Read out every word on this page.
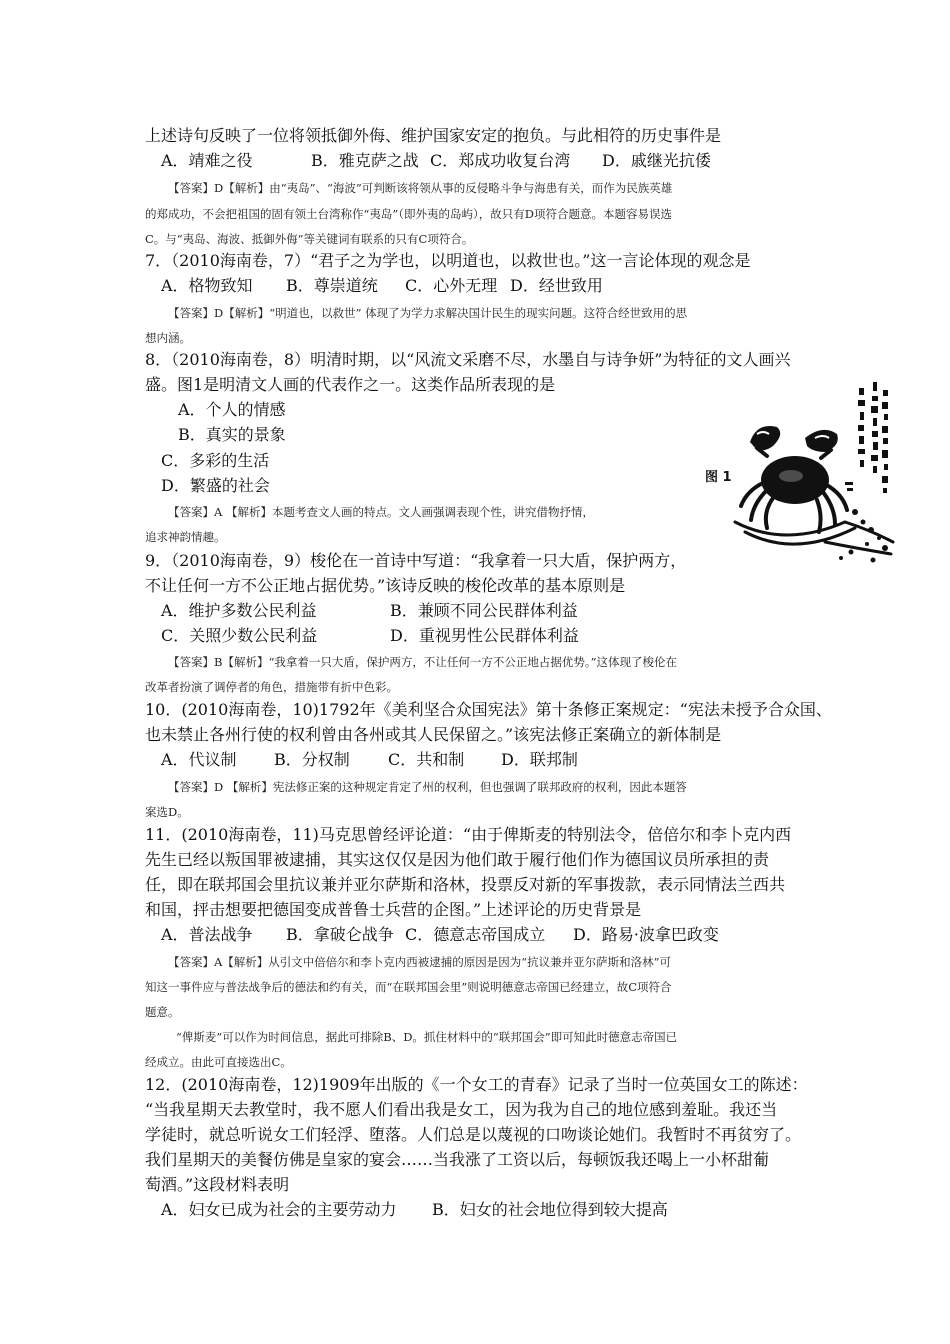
上述诗句反映了一位将领抵御外侮、维护国家安定的抱负。与此相符的历史事件是
A．靖难之役	B．雅克萨之战 C．郑成功收复台湾 D．戚继光抗倭
【答案】D【解析】由“夷岛”、“海波”可判断该将领从事的反侵略斗争与海患有关，而作为民族英雄
的郑成功，不会把祖国的固有领土台湾称作“夷岛”（即外夷的岛屿），故只有D项符合题意。本题容易误选
C。与“夷岛、海波、抵御外侮”等关键词有联系的只有C项符合。
7．（2010海南卷，7）“君子之为学也，以明道也，以救世也。”这一言论体现的观念是
A．格物致知 B．尊崇道统 C．心外无理 D．经世致用
【答案】D【解析】“明道也，以救世” 体现了为学力求解决国计民生的现实问题。这符合经世致用的思
想内涵。
8．（2010海南卷，8）明清时期，以“风流文采磨不尽，水墨自与诗争妍”为特征的文人画兴
盛。图1是明清文人画的代表作之一。这类作品所表现的是
A．个人的情感
B．真实的景象
C．多彩的生活
D．繁盛的社会
【答案】A 【解析】本题考查文人画的特点。文人画强调表现个性，讲究借物抒情，
追求神韵情趣。
图 1
9．（2010海南卷，9）梭伦在一首诗中写道：“我拿着一只大盾，保护两方，
不让任何一方不公正地占据优势。”该诗反映的梭伦改革的基本原则是
A．维护多数公民利益	B．兼顾不同公民群体利益
C．关照少数公民利益	D．重视男性公民群体利益
【答案】B【解析】“我拿着一只大盾，保护两方，不让任何一方不公正地占据优势。”这体现了梭伦在
改革者扮演了调停者的角色，措施带有折中色彩。
10．(2010海南卷，10)1792年《美利坚合众国宪法》第十条修正案规定：“宪法未授予合众国、
也未禁止各州行使的权利曾由各州或其人民保留之。”该宪法修正案确立的新体制是
A．代议制 B．分权制 C．共和制 D．联邦制
【答案】D 【解析】宪法修正案的这种规定肯定了州的权利，但也强调了联邦政府的权利，因此本题答
案选D。
11．(2010海南卷，11)马克思曾经评论道：“由于俾斯麦的特别法令，倍倍尔和李卜克内西
先生已经以叛国罪被逮捕，其实这仅仅是因为他们敢于履行他们作为德国议员所承担的责
任，即在联邦国会里抗议兼并亚尔萨斯和洛林，投票反对新的军事拨款，表示同情法兰西共
和国，抨击想要把德国变成普鲁士兵营的企图。”上述评论的历史背景是
A．普法战争 B．拿破仑战争 C．德意志帝国成立 D．路易·波拿巴政变
【答案】A【解析】从引文中倍倍尔和李卜克内西被逮捕的原因是因为“抗议兼并亚尔萨斯和洛林”可
知这一事件应与普法战争后的德法和约有关，而“在联邦国会里”则说明德意志帝国已经建立，故C项符合
题意。
“俾斯麦”可以作为时间信息，据此可排除B、D。抓住材料中的“联邦国会”即可知此时德意志帝国已
经成立。由此可直接选出C。
12．(2010海南卷，12)1909年出版的《一个女工的青春》记录了当时一位英国女工的陈述：
“当我星期天去教堂时，我不愿人们看出我是女工，因为我为自己的地位感到羞耻。我还当
学徒时，就总听说女工们轻浮、堕落。人们总是以蔑视的口吻谈论她们。我暂时不再贫穷了。
我们星期天的美餐仿佛是皇家的宴会……当我涨了工资以后，每顿饭我还喝上一小杯甜葡
萄酒。”这段材料表明
A．妇女已成为社会的主要劳动力 B．妇女的社会地位得到较大提高
